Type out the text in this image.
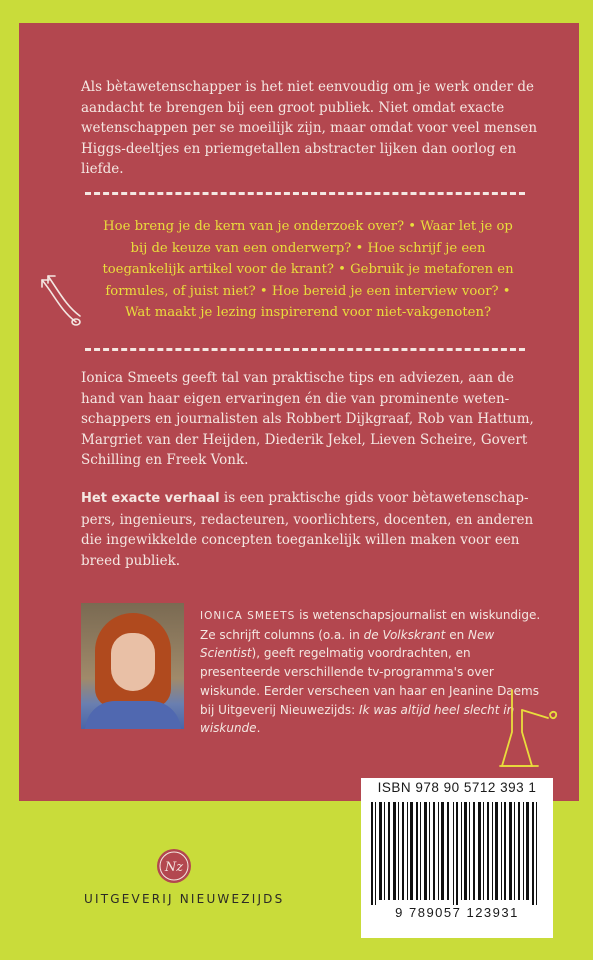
Als bètawetenschapper is het niet eenvoudig om je werk onder de aandacht te brengen bij een groot publiek. Niet omdat exacte wetenschappen per se moeilijk zijn, maar omdat voor veel mensen Higgs-deeltjes en priemgetallen abstracter lijken dan oorlog en liefde.
Hoe breng je de kern van je onderzoek over? • Waar let je op bij de keuze van een onderwerp? • Hoe schrijf je een toegankelijk artikel voor de krant? • Gebruik je metaforen en formules, of juist niet? • Hoe bereid je een interview voor? • Wat maakt je lezing inspirerend voor niet-vakgenoten?
Ionica Smeets geeft tal van praktische tips en adviezen, aan de hand van haar eigen ervaringen én die van prominente weten-schappers en journalisten als Robbert Dijkgraaf, Rob van Hattum, Margriet van der Heijden, Diederik Jekel, Lieven Scheire, Govert Schilling en Freek Vonk.
Het exacte verhaal is een praktische gids voor bètawetenschap-pers, ingenieurs, redacteuren, voorlichters, docenten, en anderen die ingewikkelde concepten toegankelijk willen maken voor een breed publiek.
IONICA SMEETS is wetenschapsjournalist en wiskundige. Ze schrijft columns (o.a. in de Volkskrant en New Scientist), geeft regelmatig voordrachten, en presenteerde verschillende tv-programma's over wiskunde. Eerder verscheen van haar en Jeanine Daems bij Uitgeverij Nieuwezijds: Ik was altijd heel slecht in wiskunde.
ISBN 978 90 5712 393 1
9 789057 123931
Nz
UITGEVERIJ NIEUWEZIJDS
